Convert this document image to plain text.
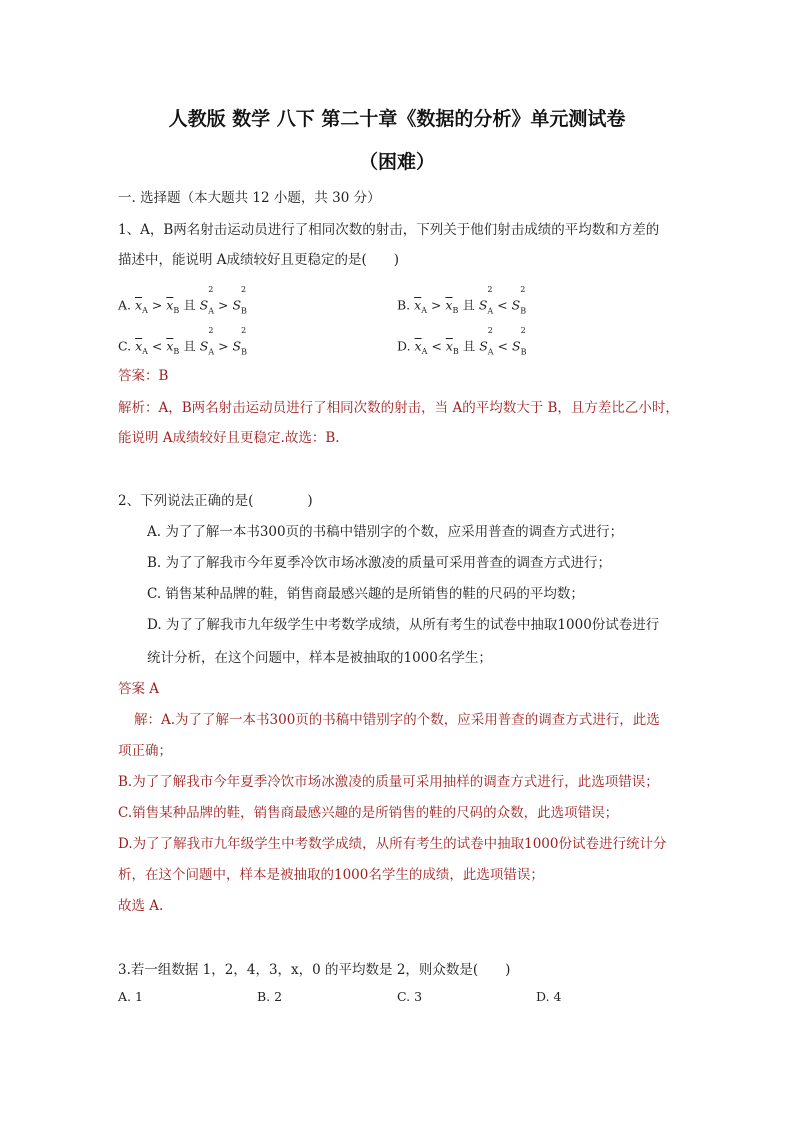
人教版 数学 八下 第二十章《数据的分析》单元测试卷
（困难）
一. 选择题（本大题共 12 小题，共 30 分）
1、A，B两名射击运动员进行了相同次数的射击，下列关于他们射击成绩的平均数和方差的
描述中，能说明 A成绩较好且更稳定的是(　　)
A. $\overline{x}_A > \overline{x}_B$ 且 $S^2$
$_A > S^2$
$_B$	B. $\overline{x}_A > \overline{x}_B$ 且 $S^2$
$_A < S^2$
$_B$
C. $\overline{x}_A < \overline{x}_B$ 且 $S^2$
$_A > S^2$
$_B$	D. $\overline{x}_A < \overline{x}_B$ 且 $S^2$
$_A < S^2$
$_B$
答案：B
解析：A，B两名射击运动员进行了相同次数的射击，当 A的平均数大于 B，且方差比乙小时，
能说明 A成绩较好且更稳定.故选：B.
2、下列说法正确的是(　　　　)
A. 为了了解一本书300页的书稿中错别字的个数，应采用普查的调查方式进行；
B. 为了了解我市今年夏季冷饮市场冰激凌的质量可采用普查的调查方式进行；
C. 销售某种品牌的鞋，销售商最感兴趣的是所销售的鞋的尺码的平均数；
D. 为了了解我市九年级学生中考数学成绩，从所有考生的试卷中抽取1000份试卷进行
统计分析，在这个问题中，样本是被抽取的1000名学生；
答案 A
解：A.为了了解一本书300页的书稿中错别字的个数，应采用普查的调查方式进行，此选
项正确；
B.为了了解我市今年夏季冷饮市场冰激凌的质量可采用抽样的调查方式进行，此选项错误；
C.销售某种品牌的鞋，销售商最感兴趣的是所销售的鞋的尺码的众数，此选项错误；
D.为了了解我市九年级学生中考数学成绩，从所有考生的试卷中抽取1000份试卷进行统计分
析，在这个问题中，样本是被抽取的1000名学生的成绩，此选项错误；
故选 A.
3.若一组数据 1，2，4，3，x，0 的平均数是 2，则众数是(　　)
A. 1	B. 2	C. 3	D. 4
